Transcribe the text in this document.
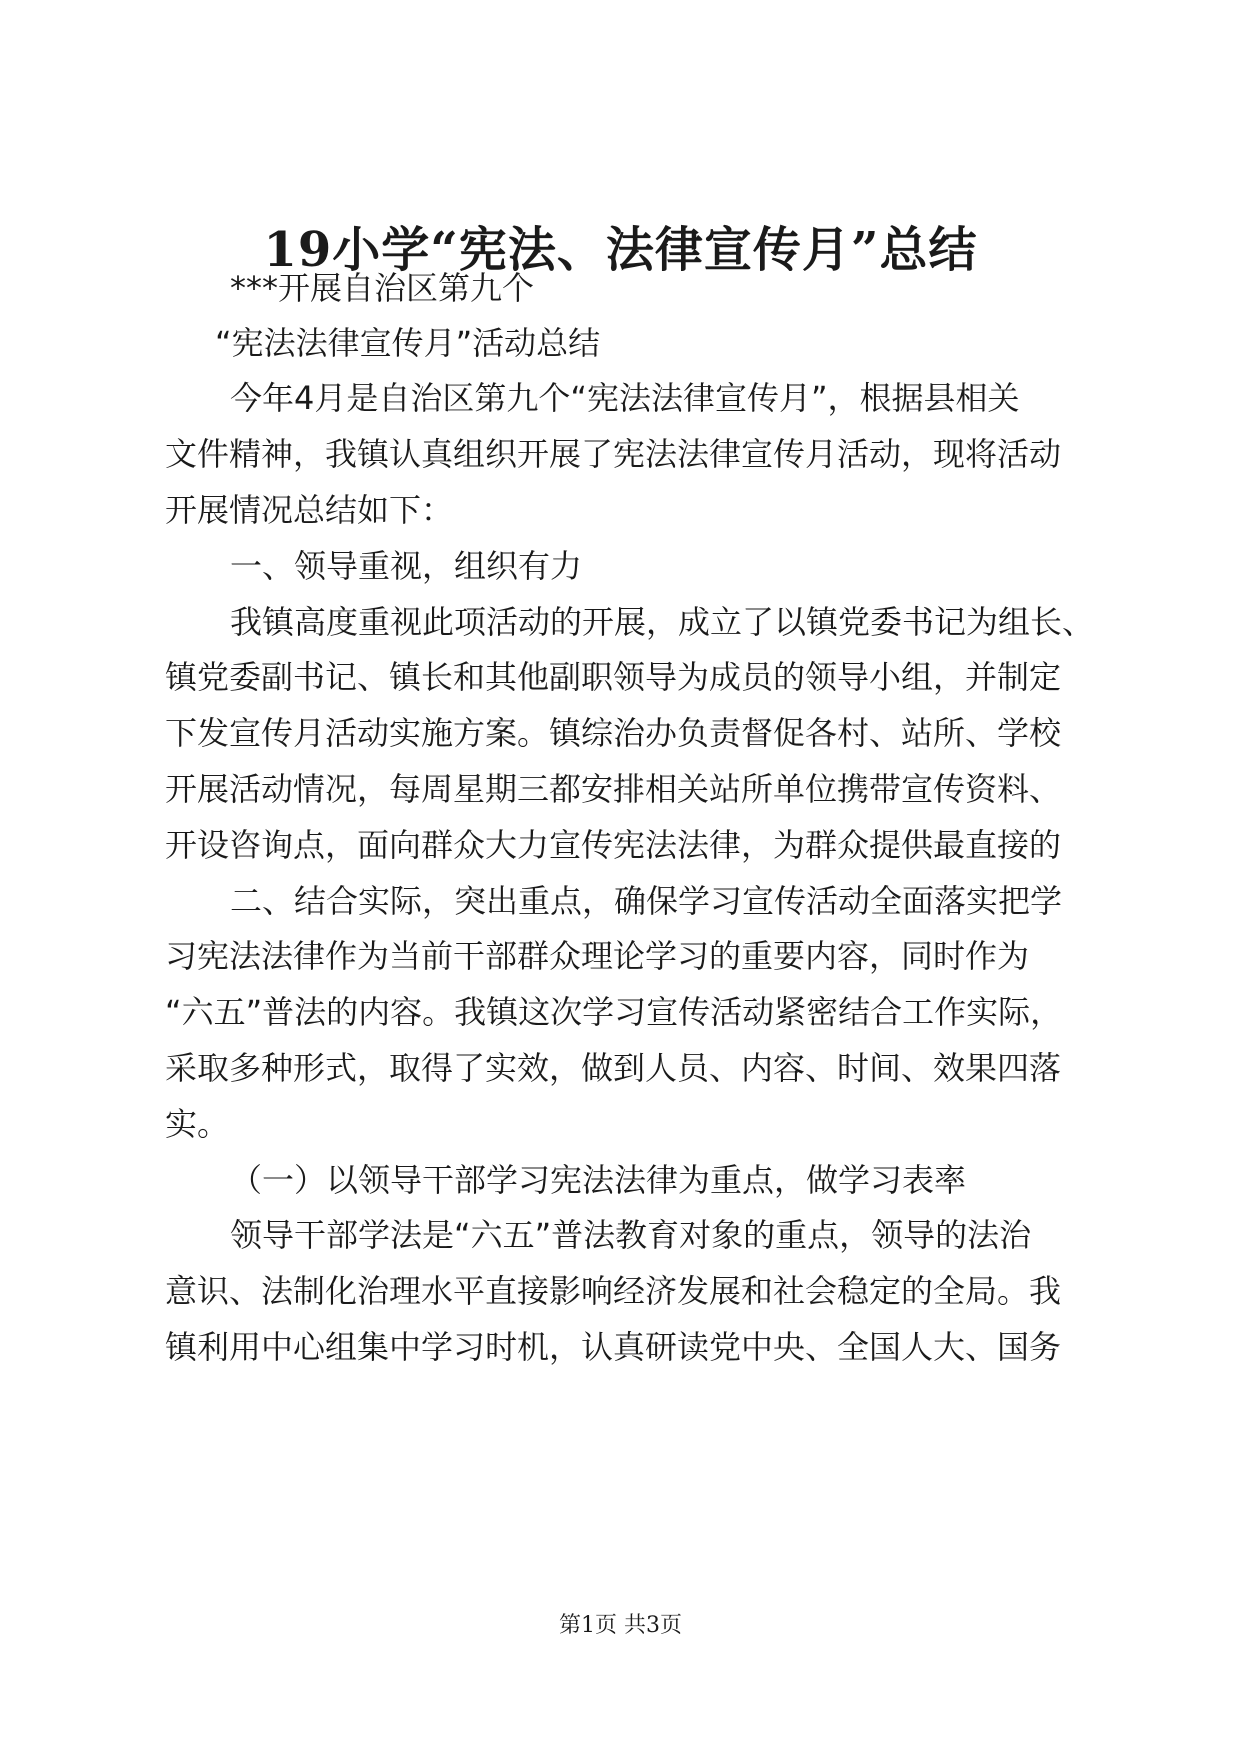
19小学“宪法、法律宣传月”总结
***开展自治区第九个
“宪法法律宣传月”活动总结
今年4月是自治区第九个“宪法法律宣传月”，根据县相关
文件精神，我镇认真组织开展了宪法法律宣传月活动，现将活动
开展情况总结如下：
一、领导重视，组织有力
我镇高度重视此项活动的开展，成立了以镇党委书记为组长、
镇党委副书记、镇长和其他副职领导为成员的领导小组，并制定
下发宣传月活动实施方案。镇综治办负责督促各村、站所、学校
开展活动情况，每周星期三都安排相关站所单位携带宣传资料、
开设咨询点，面向群众大力宣传宪法法律，为群众提供最直接的
二、结合实际，突出重点，确保学习宣传活动全面落实把学
习宪法法律作为当前干部群众理论学习的重要内容，同时作为
“六五”普法的内容。我镇这次学习宣传活动紧密结合工作实际，
采取多种形式，取得了实效，做到人员、内容、时间、效果四落
实。
（一）以领导干部学习宪法法律为重点，做学习表率
领导干部学法是“六五”普法教育对象的重点，领导的法治
意识、法制化治理水平直接影响经济发展和社会稳定的全局。我
镇利用中心组集中学习时机，认真研读党中央、全国人大、国务
第1页 共3页
